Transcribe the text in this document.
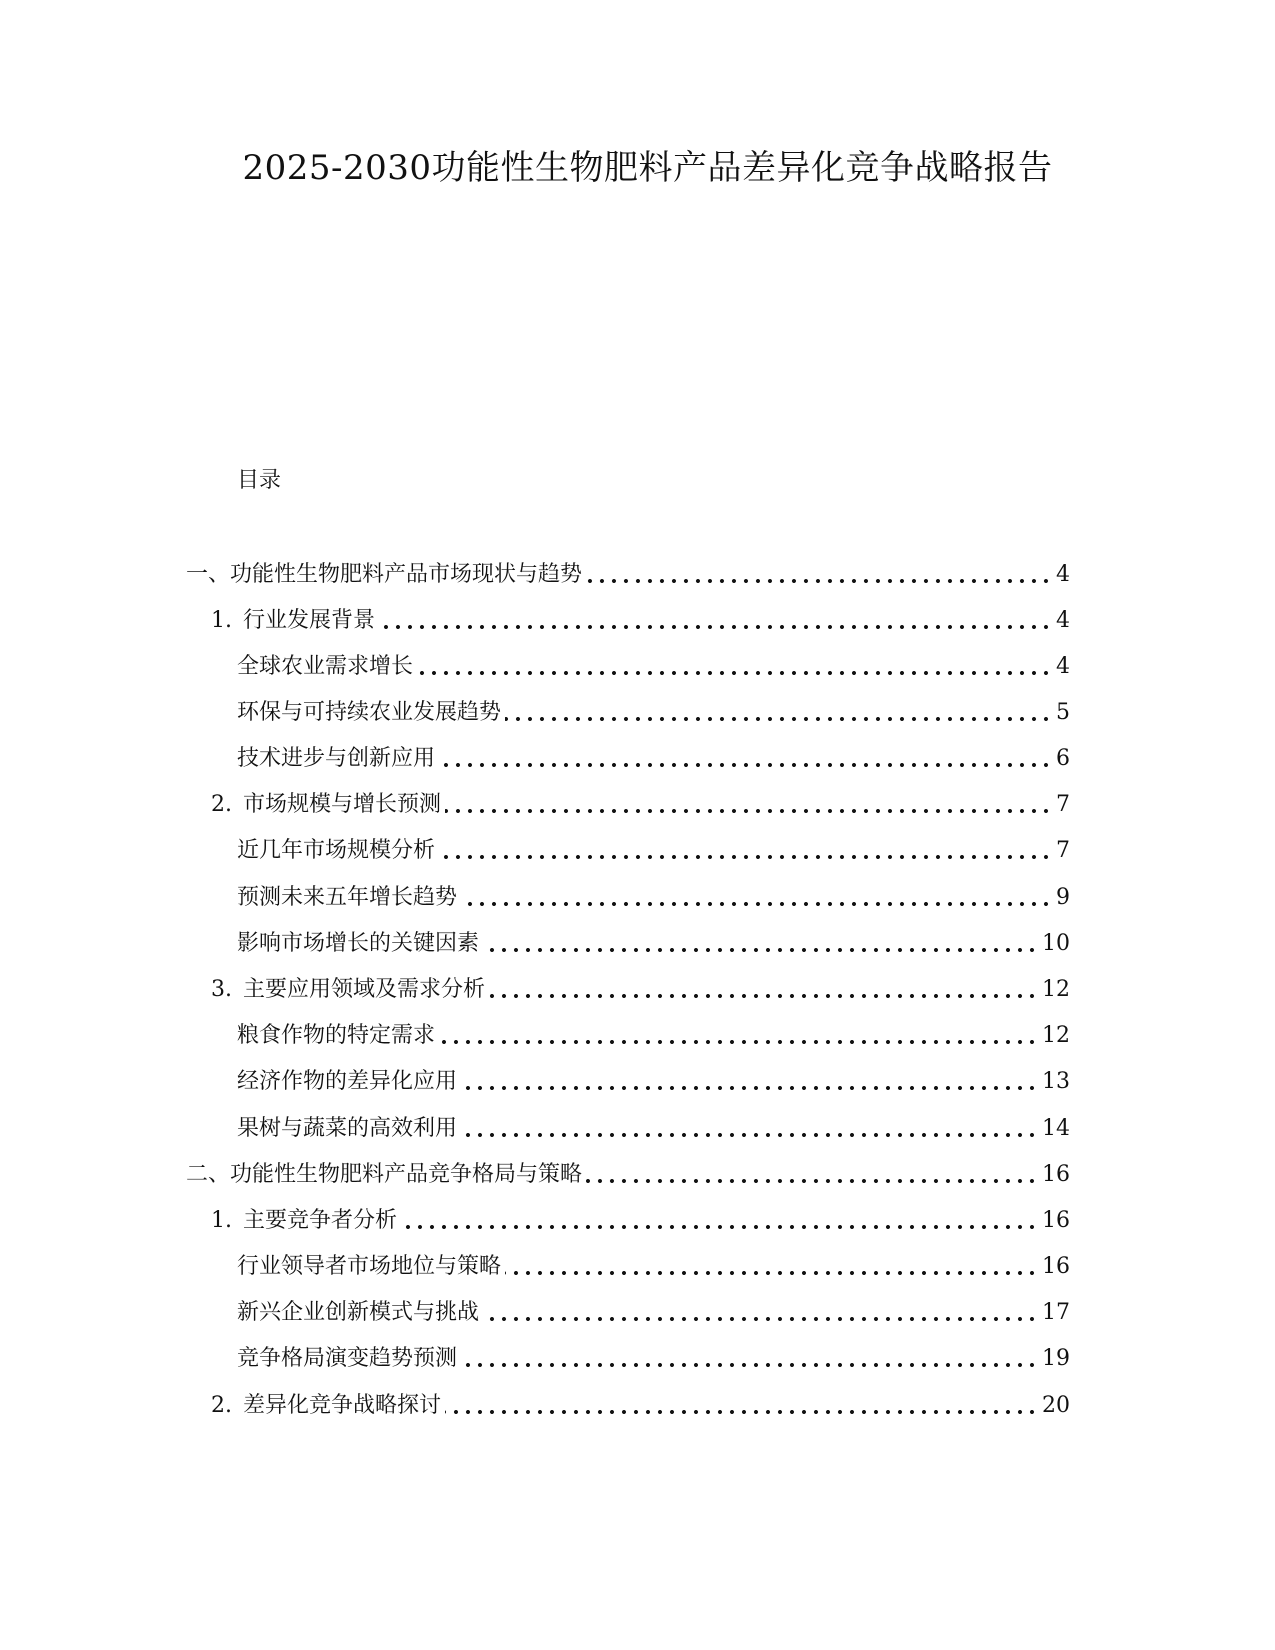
2025-2030功能性生物肥料产品差异化竞争战略报告
目录
一、 功能性生物肥料产品市场现状与趋势	4
1. 行业发展背景	4
全球农业需求增长	4
环保与可持续农业发展趋势	5
技术进步与创新应用	6
2. 市场规模与增长预测	7
近几年市场规模分析	7
预测未来五年增长趋势	9
影响市场增长的关键因素	10
3. 主要应用领域及需求分析	12
粮食作物的特定需求	12
经济作物的差异化应用	13
果树与蔬菜的高效利用	14
二、 功能性生物肥料产品竞争格局与策略	16
1. 主要竞争者分析	16
行业领导者市场地位与策略	16
新兴企业创新模式与挑战	17
竞争格局演变趋势预测	19
2. 差异化竞争战略探讨	20
